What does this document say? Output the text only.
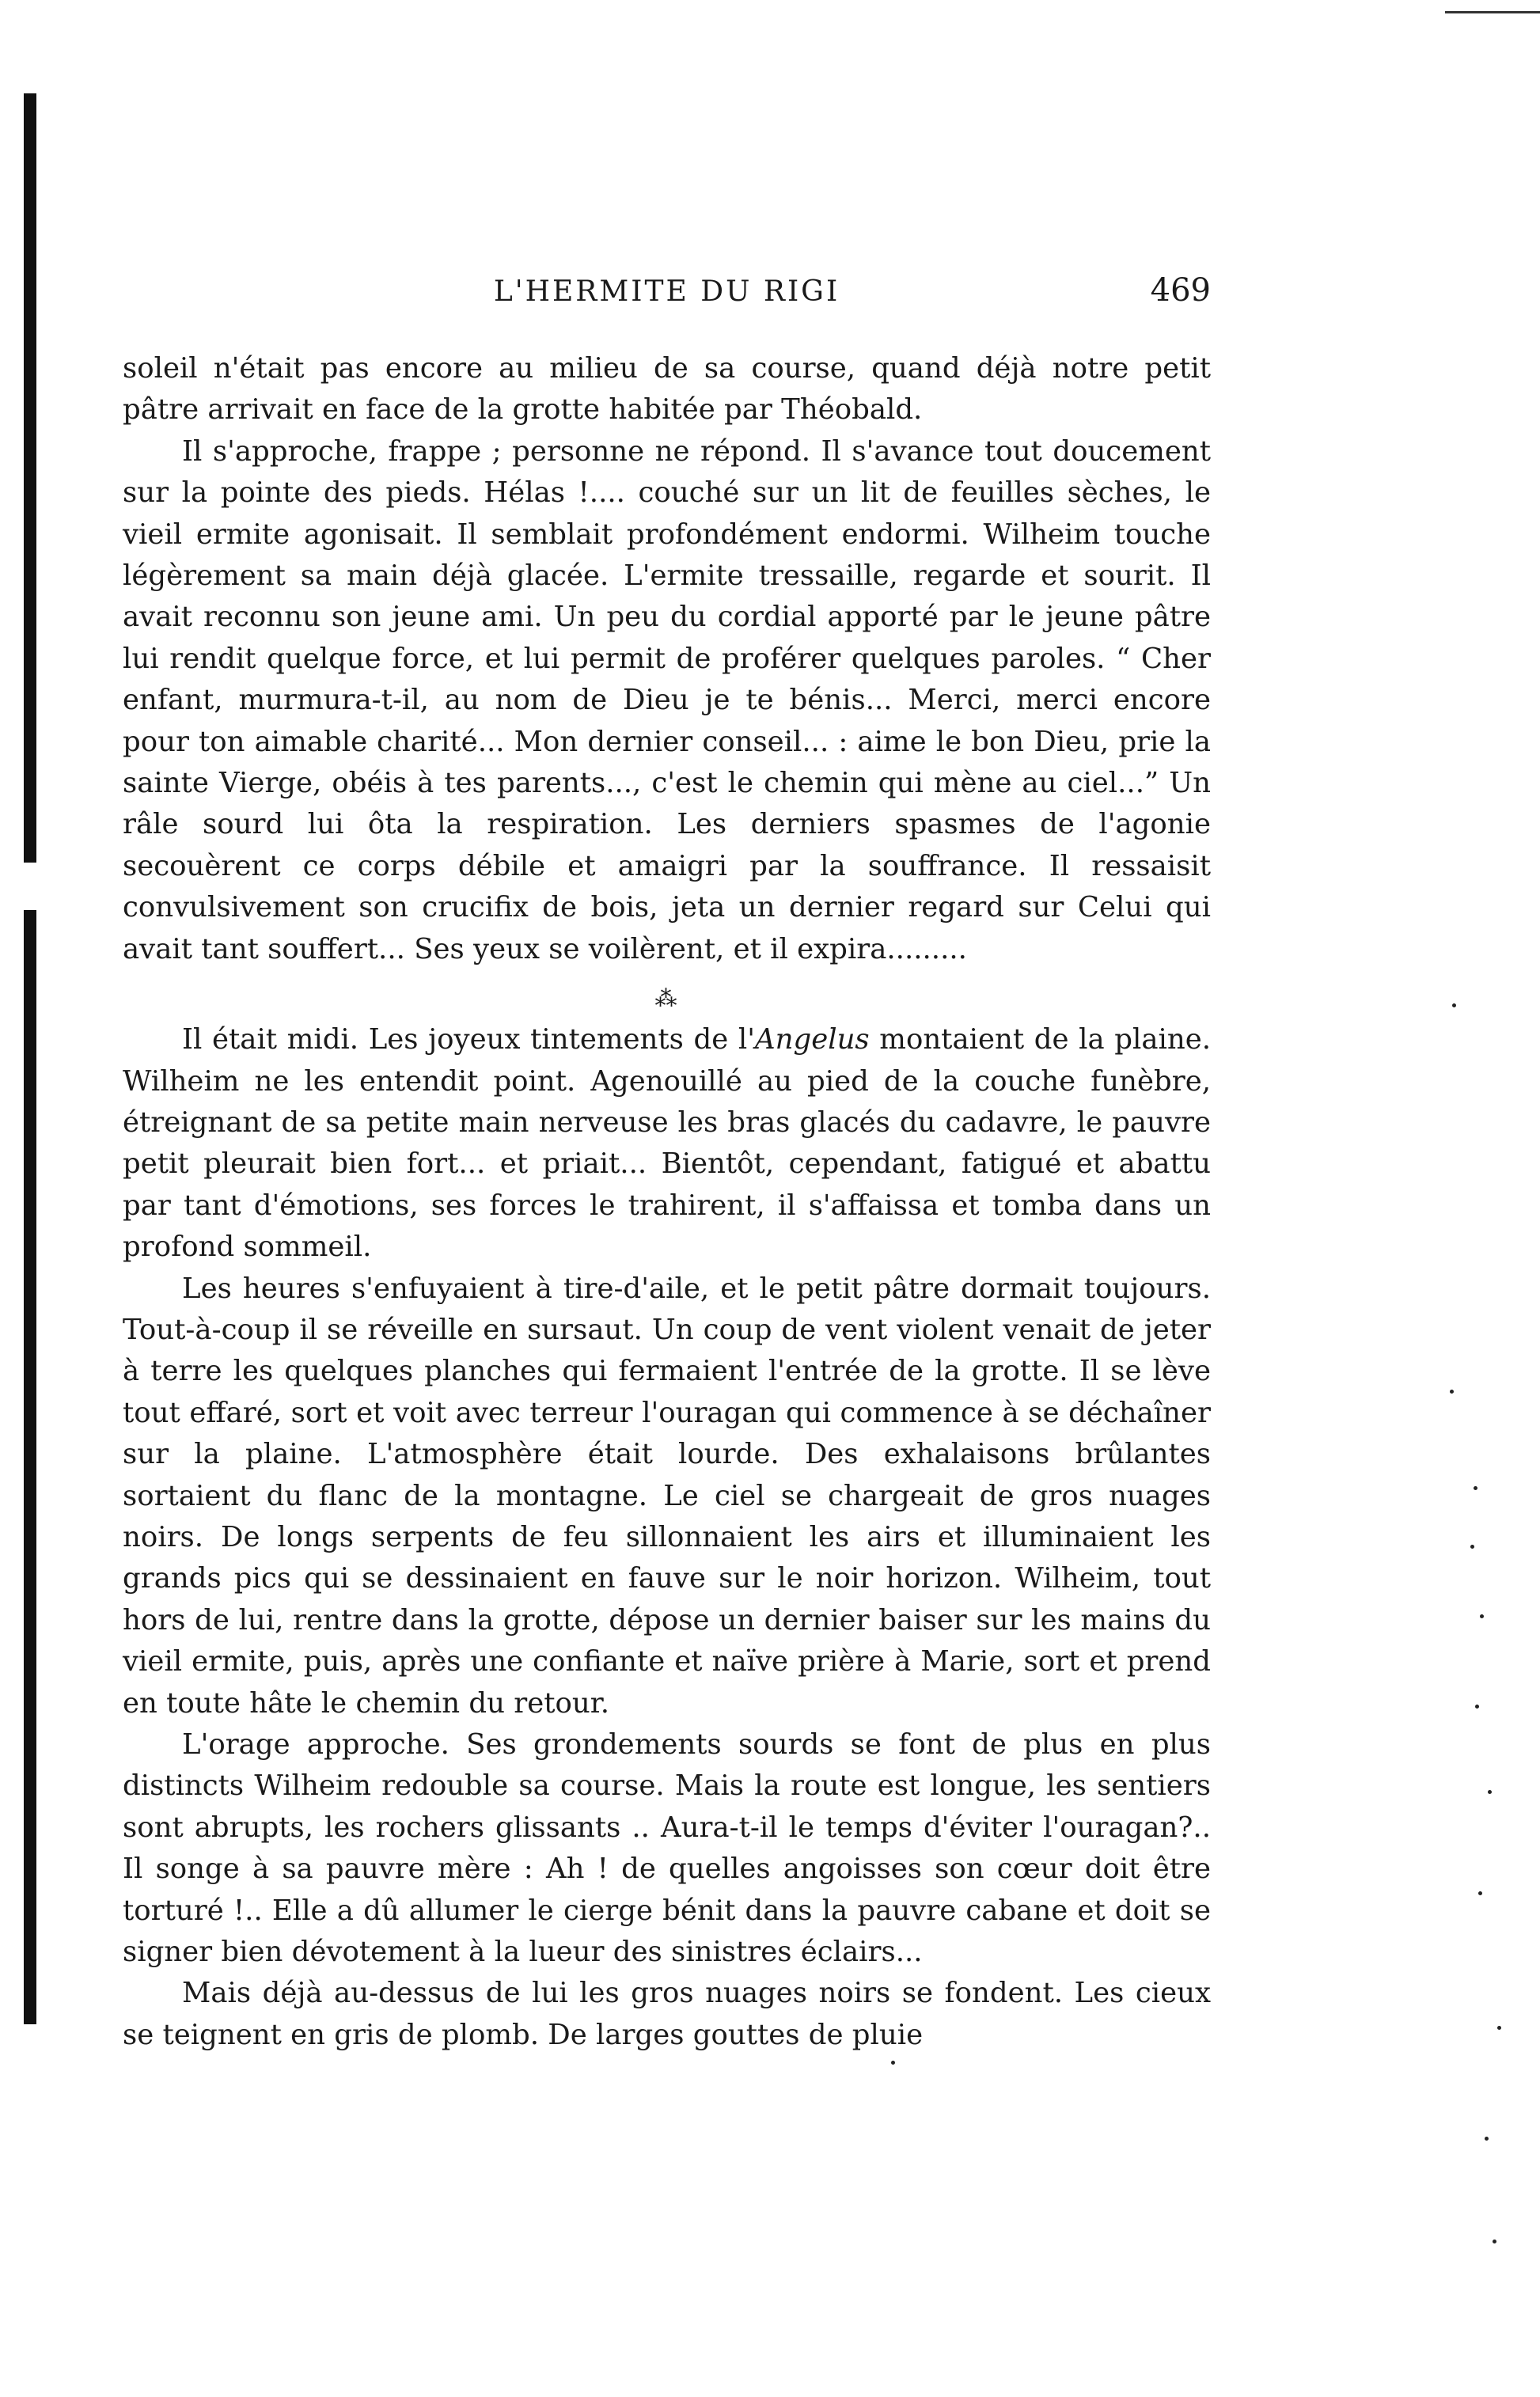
L'HERMITE DU RIGI	469

soleil n'était pas encore au milieu de sa course, quand déjà notre petit pâtre arrivait en face de la grotte habitée par Théobald.

Il s'approche, frappe ; personne ne répond. Il s'avance tout doucement sur la pointe des pieds. Hélas !.... couché sur un lit de feuilles sèches, le vieil ermite agonisait. Il semblait profondément endormi. Wilheim touche légèrement sa main déjà glacée. L'ermite tressaille, regarde et sourit. Il avait reconnu son jeune ami. Un peu du cordial apporté par le jeune pâtre lui rendit quelque force, et lui permit de proférer quelques paroles. “ Cher enfant, murmura-t-il, au nom de Dieu je te bénis... Merci, merci encore pour ton aimable charité... Mon dernier conseil... : aime le bon Dieu, prie la sainte Vierge, obéis à tes parents..., c'est le chemin qui mène au ciel...” Un râle sourd lui ôta la respiration. Les derniers spasmes de l'agonie secouèrent ce corps débile et amaigri par la souffrance. Il ressaisit convulsivement son crucifix de bois, jeta un dernier regard sur Celui qui avait tant souffert... Ses yeux se voilèrent, et il expira.........

⁂

Il était midi. Les joyeux tintements de l'Angelus montaient de la plaine. Wilheim ne les entendit point. Agenouillé au pied de la couche funèbre, étreignant de sa petite main nerveuse les bras glacés du cadavre, le pauvre petit pleurait bien fort... et priait... Bientôt, cependant, fatigué et abattu par tant d'émotions, ses forces le trahirent, il s'affaissa et tomba dans un profond sommeil.

Les heures s'enfuyaient à tire-d'aile, et le petit pâtre dormait toujours. Tout-à-coup il se réveille en sursaut. Un coup de vent violent venait de jeter à terre les quelques planches qui fermaient l'entrée de la grotte. Il se lève tout effaré, sort et voit avec terreur l'ouragan qui commence à se déchaîner sur la plaine. L'atmosphère était lourde. Des exhalaisons brûlantes sortaient du flanc de la montagne. Le ciel se chargeait de gros nuages noirs. De longs serpents de feu sillonnaient les airs et illuminaient les grands pics qui se dessinaient en fauve sur le noir horizon. Wilheim, tout hors de lui, rentre dans la grotte, dépose un dernier baiser sur les mains du vieil ermite, puis, après une confiante et naïve prière à Marie, sort et prend en toute hâte le chemin du retour.

L'orage approche. Ses grondements sourds se font de plus en plus distincts Wilheim redouble sa course. Mais la route est longue, les sentiers sont abrupts, les rochers glissants .. Aura-t-il le temps d'éviter l'ouragan?.. Il songe à sa pauvre mère : Ah ! de quelles angoisses son cœur doit être torturé !.. Elle a dû allumer le cierge bénit dans la pauvre cabane et doit se signer bien dévotement à la lueur des sinistres éclairs...

Mais déjà au-dessus de lui les gros nuages noirs se fondent. Les cieux se teignent en gris de plomb. De larges gouttes de pluie
